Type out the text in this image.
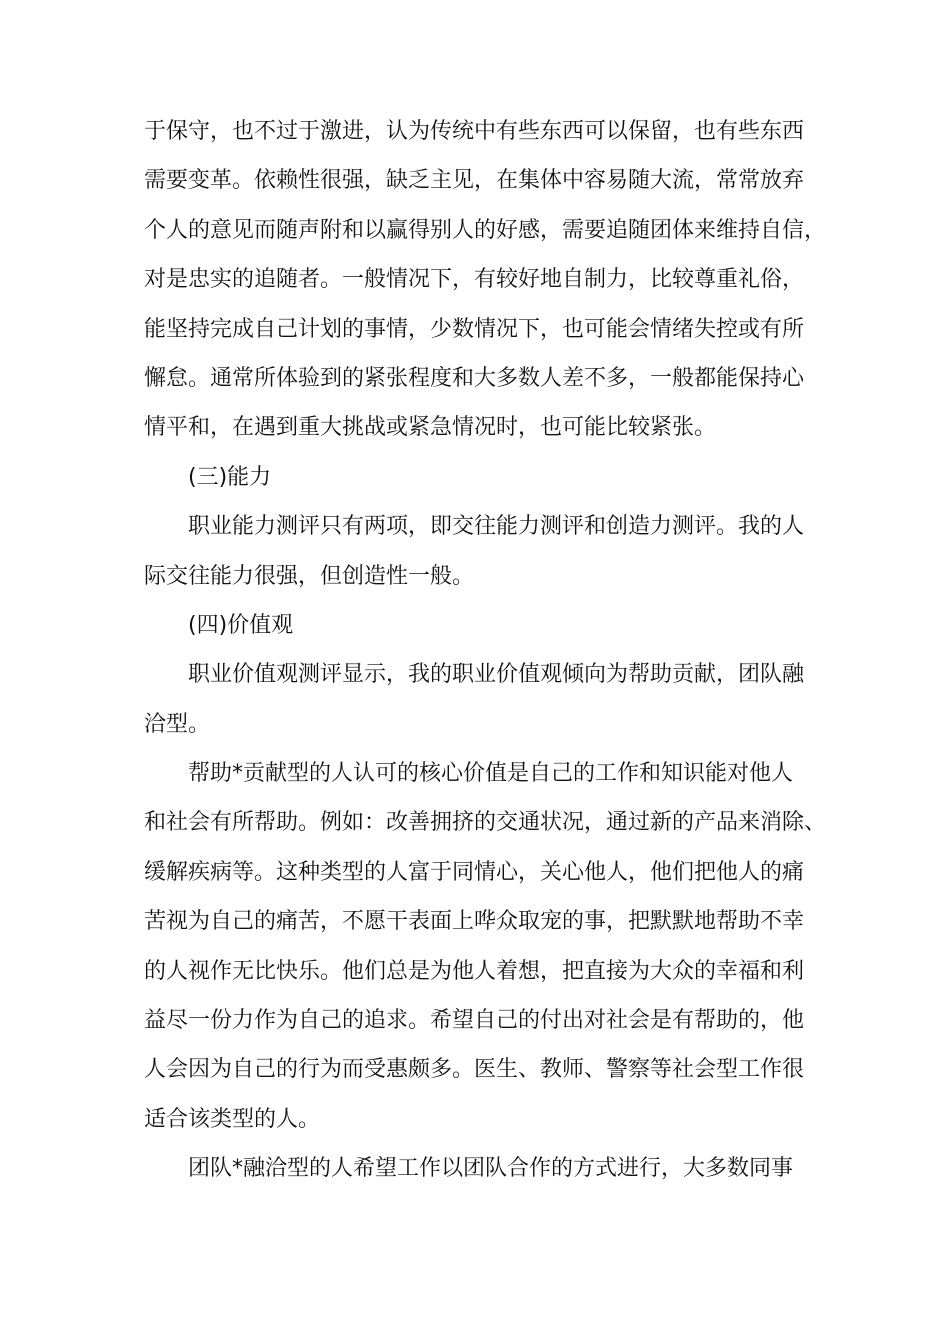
于保守，也不过于激进，认为传统中有些东西可以保留，也有些东西
需要变革。依赖性很强，缺乏主见，在集体中容易随大流，常常放弃
个人的意见而随声附和以赢得别人的好感，需要追随团体来维持自信，
对是忠实的追随者。一般情况下，有较好地自制力，比较尊重礼俗，
能坚持完成自己计划的事情，少数情况下，也可能会情绪失控或有所
懈怠。通常所体验到的紧张程度和大多数人差不多，一般都能保持心
情平和，在遇到重大挑战或紧急情况时，也可能比较紧张。
(三)能力
职业能力测评只有两项，即交往能力测评和创造力测评。我的人
际交往能力很强，但创造性一般。
(四)价值观
职业价值观测评显示，我的职业价值观倾向为帮助贡献，团队融
洽型。
帮助*贡献型的人认可的核心价值是自己的工作和知识能对他人
和社会有所帮助。例如：改善拥挤的交通状况，通过新的产品来消除、
缓解疾病等。这种类型的人富于同情心，关心他人，他们把他人的痛
苦视为自己的痛苦，不愿干表面上哗众取宠的事，把默默地帮助不幸
的人视作无比快乐。他们总是为他人着想，把直接为大众的幸福和利
益尽一份力作为自己的追求。希望自己的付出对社会是有帮助的，他
人会因为自己的行为而受惠颇多。医生、教师、警察等社会型工作很
适合该类型的人。
团队*融洽型的人希望工作以团队合作的方式进行，大多数同事
